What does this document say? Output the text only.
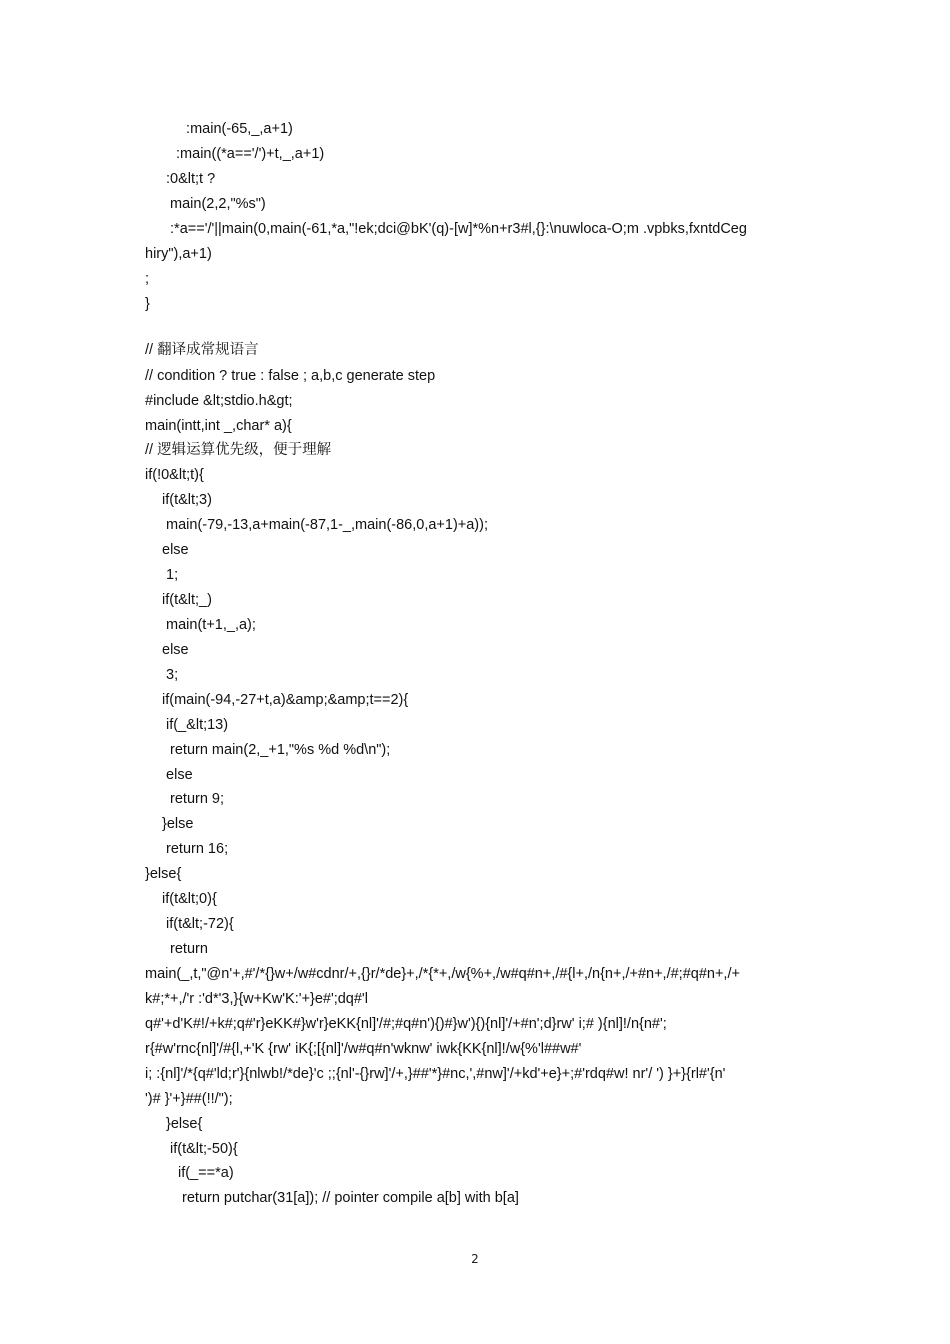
:main(-65,_,a+1)

:main((*a=='/')+t,_,a+1)

:0&lt;t ?

main(2,2,"%s")

:*a=='/'||main(0,main(-61,*a,"!ek;dci@bK'(q)-[w]*%n+r3#l,{}:\nuwloca-O;m .vpbks,fxntdCeg

hiry"),a+1)

;

}

// 翻译成常规语言

// condition ? true : false ; a,b,c generate step

#include &lt;stdio.h&gt;

main(intt,int _,char* a){

// 逻辑运算优先级，便于理解

if(!0&lt;t){

if(t&lt;3)

main(-79,-13,a+main(-87,1-_,main(-86,0,a+1)+a));

else

1;

if(t&lt;_)

main(t+1,_,a);

else

3;

if(main(-94,-27+t,a)&amp;&amp;t==2){

if(_&lt;13)

return main(2,_+1,"%s %d %d\n");

else

return 9;

}else

return 16;

}else{

if(t&lt;0){

if(t&lt;-72){

return

main(_,t,"@n'+,#'/*{}w+/w#cdnr/+,{}r/*de}+,/*{*+,/w{%+,/w#q#n+,/#{l+,/n{n+,/+#n+,/#;#q#n+,/+

k#;*+,/'r :'d*'3,}{w+Kw'K:'+}e#';dq#'l

q#'+d'K#!/+k#;q#'r}eKK#}w'r}eKK{nl]'/#;#q#n'){)#}w'){){nl]'/+#n';d}rw' i;# ){nl]!/n{n#';

r{#w'rnc{nl]'/#{l,+'K {rw' iK{;[{nl]'/w#q#n'wknw' iwk{KK{nl]!/w{%'l##w#'

i; :{nl]'/*{q#'ld;r'}{nlwb!/*de}'c ;;{nl'-{}rw]'/+,}##'*}#nc,',#nw]'/+kd'+e}+;#'rdq#w! nr'/ ') }+}{rl#'{n'

')# }'+}##(!!/");

}else{

if(t&lt;-50){

if(_==*a)

return putchar(31[a]); // pointer compile a[b] with b[a]

2
